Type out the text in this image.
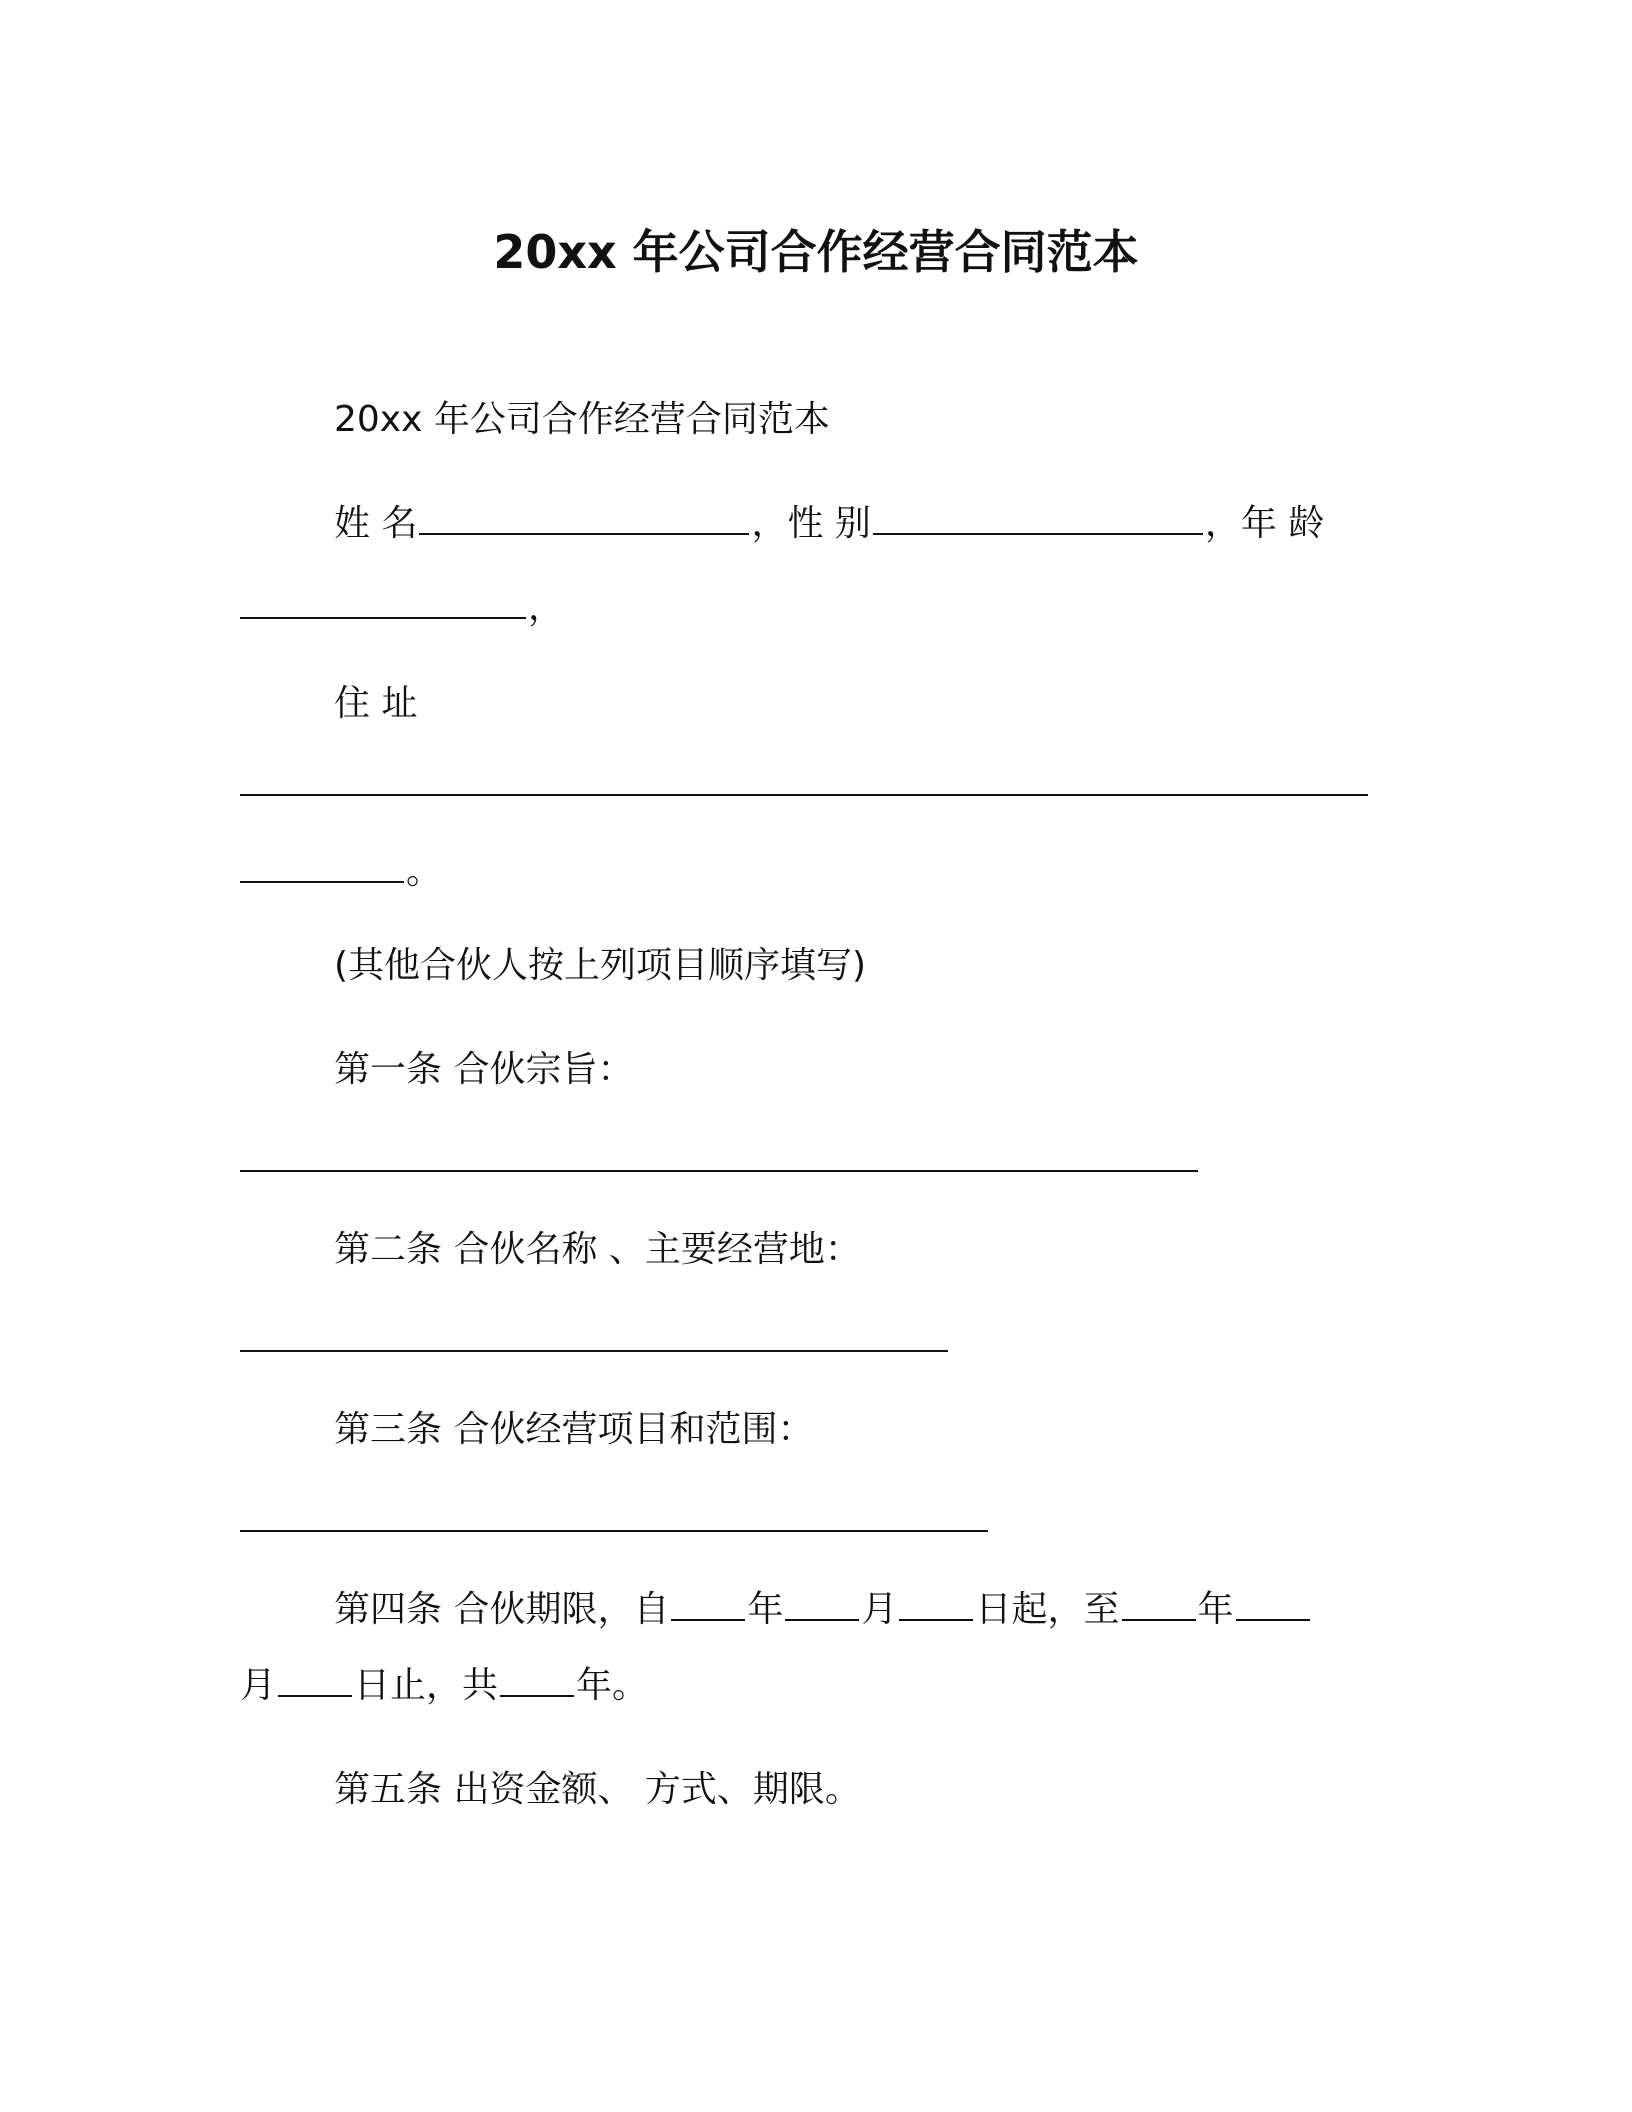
20xx 年公司合作经营合同范本
20xx 年公司合作经营合同范本
姓 名	，性 别	，年 龄
，
住 址
。
(其他合伙人按上列项目顺序填写)
第一条 合伙宗旨：
第二条 合伙名称 、主要经营地：
第三条 合伙经营项目和范围：
第四条 合伙期限，自 年 月 日起，至 年
月 日止，共 年。
第五条 出资金额、 方式、期限。
